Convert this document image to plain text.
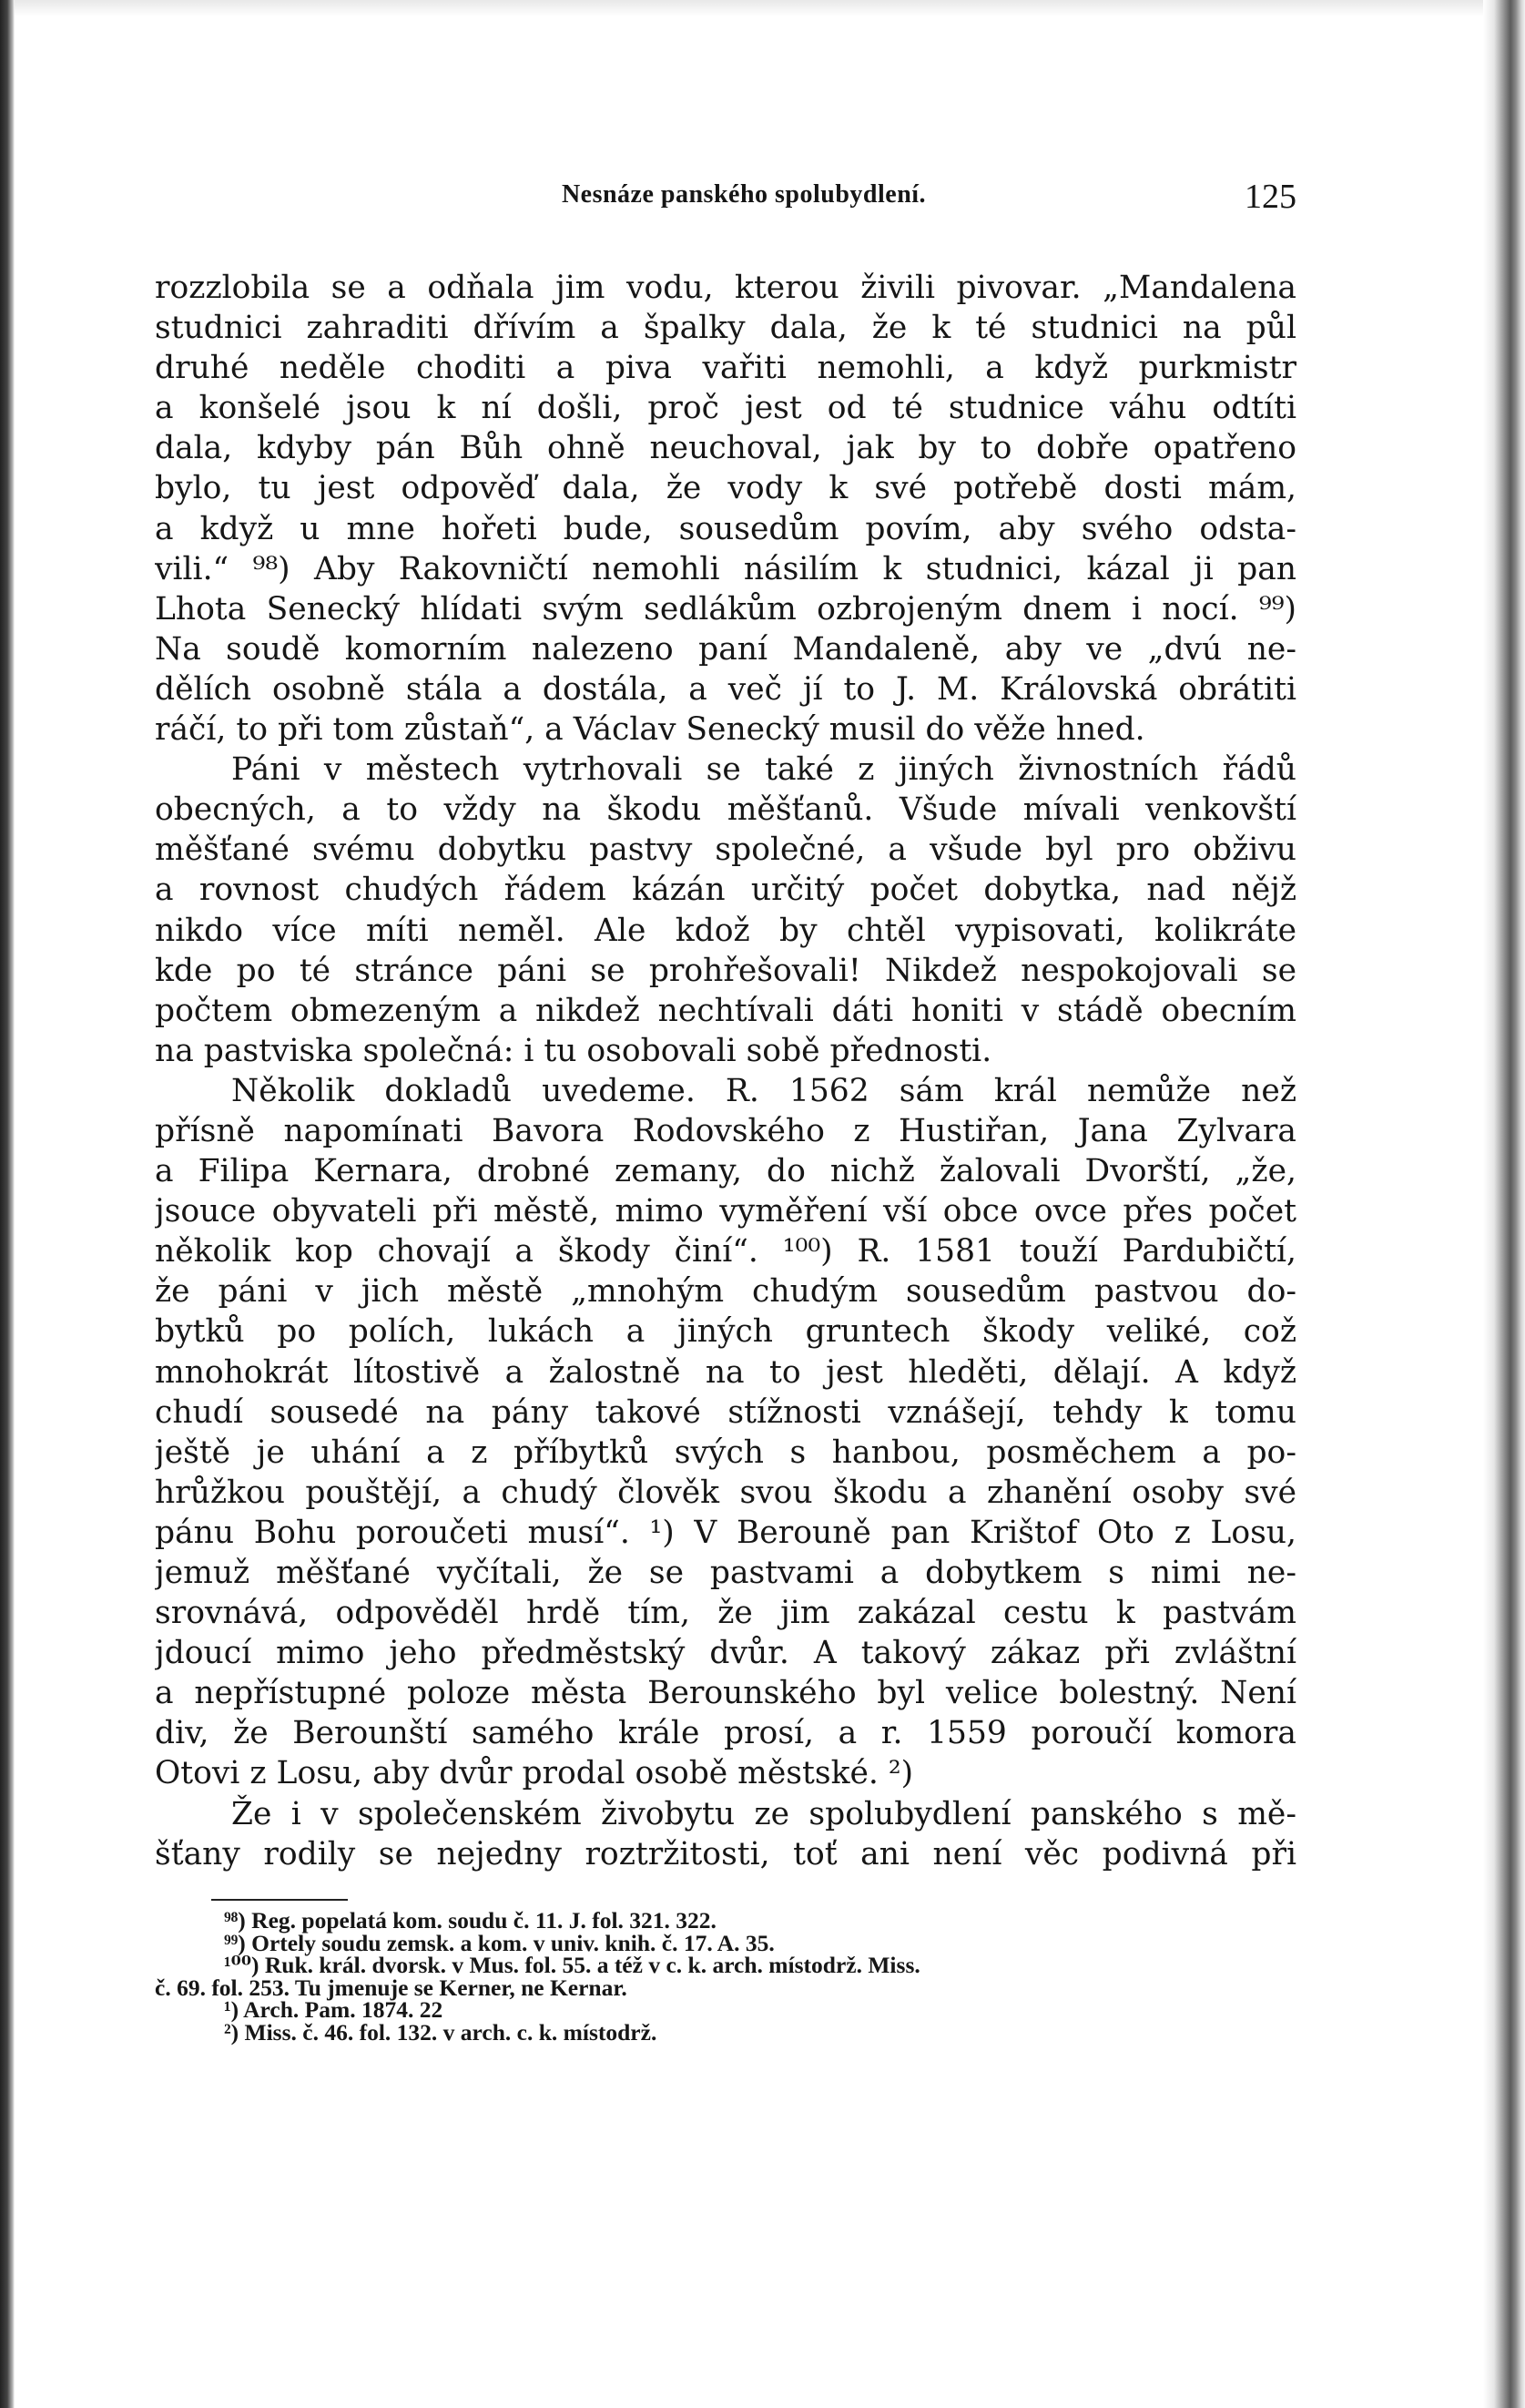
Nesnáze panského spolubydlení.	125
rozzlobila se a odňala jim vodu, kterou živili pivovar. „Mandalena
studnici zahraditi dřívím a špalky dala, že k té studnici na půl
druhé neděle choditi a piva vařiti nemohli, a když purkmistr
a konšelé jsou k ní došli, proč jest od té studnice váhu odtíti
dala, kdyby pán Bůh ohně neuchoval, jak by to dobře opatřeno
bylo, tu jest odpověď dala, že vody k své potřebě dosti mám,
a když u mne hořeti bude, sousedům povím, aby svého odsta-
vili.“ ⁹⁸) Aby Rakovničtí nemohli násilím k studnici, kázal ji pan
Lhota Senecký hlídati svým sedlákům ozbrojeným dnem i nocí. ⁹⁹)
Na soudě komorním nalezeno paní Mandaleně, aby ve „dvú ne-
dělích osobně stála a dostála, a več jí to J. M. Královská obrátiti
ráčí, to při tom zůstaň“, a Václav Senecký musil do věže hned.
Páni v městech vytrhovali se také z jiných živnostních řádů
obecných, a to vždy na škodu měšťanů. Všude mívali venkovští
měšťané svému dobytku pastvy společné, a všude byl pro obživu
a rovnost chudých řádem kázán určitý počet dobytka, nad nějž
nikdo více míti neměl. Ale kdož by chtěl vypisovati, kolikráte
kde po té stránce páni se prohřešovali! Nikdež nespokojovali se
počtem obmezeným a nikdež nechtívali dáti honiti v stádě obecním
na pastviska společná: i tu osobovali sobě přednosti.
Několik dokladů uvedeme. R. 1562 sám král nemůže než
přísně napomínati Bavora Rodovského z Hustiřan, Jana Zylvara
a Filipa Kernara, drobné zemany, do nichž žalovali Dvorští, „že,
jsouce obyvateli při městě, mimo vyměření vší obce ovce přes počet
několik kop chovají a škody činí“. ¹⁰⁰) R. 1581 touží Pardubičtí,
že páni v jich městě „mnohým chudým sousedům pastvou do-
bytků po polích, lukách a jiných gruntech škody veliké, což
mnohokrát lítostivě a žalostně na to jest hleděti, dělají. A když
chudí sousedé na pány takové stížnosti vznášejí, tehdy k tomu
ještě je uhání a z příbytků svých s hanbou, posměchem a po-
hrůžkou pouštějí, a chudý člověk svou škodu a zhanění osoby své
pánu Bohu poroučeti musí“. ¹) V Berouně pan Krištof Oto z Losu,
jemuž měšťané vyčítali, že se pastvami a dobytkem s nimi ne-
srovnává, odpověděl hrdě tím, že jim zakázal cestu k pastvám
jdoucí mimo jeho předměstský dvůr. A takový zákaz při zvláštní
a nepřístupné poloze města Berounského byl velice bolestný. Není
div, že Berounští samého krále prosí, a r. 1559 poroučí komora
Otovi z Losu, aby dvůr prodal osobě městské. ²)
Že i v společenském živobytu ze spolubydlení panského s mě-
šťany rodily se nejedny roztržitosti, toť ani není věc podivná při
⁹⁸) Reg. popelatá kom. soudu č. 11. J. fol. 321. 322.
⁹⁹) Ortely soudu zemsk. a kom. v univ. knih. č. 17. A. 35.
¹⁰⁰) Ruk. král. dvorsk. v Mus. fol. 55. a též v c. k. arch. místodrž. Miss.
č. 69. fol. 253. Tu jmenuje se Kerner, ne Kernar.
¹) Arch. Pam. 1874. 22
²) Miss. č. 46. fol. 132. v arch. c. k. místodrž.
